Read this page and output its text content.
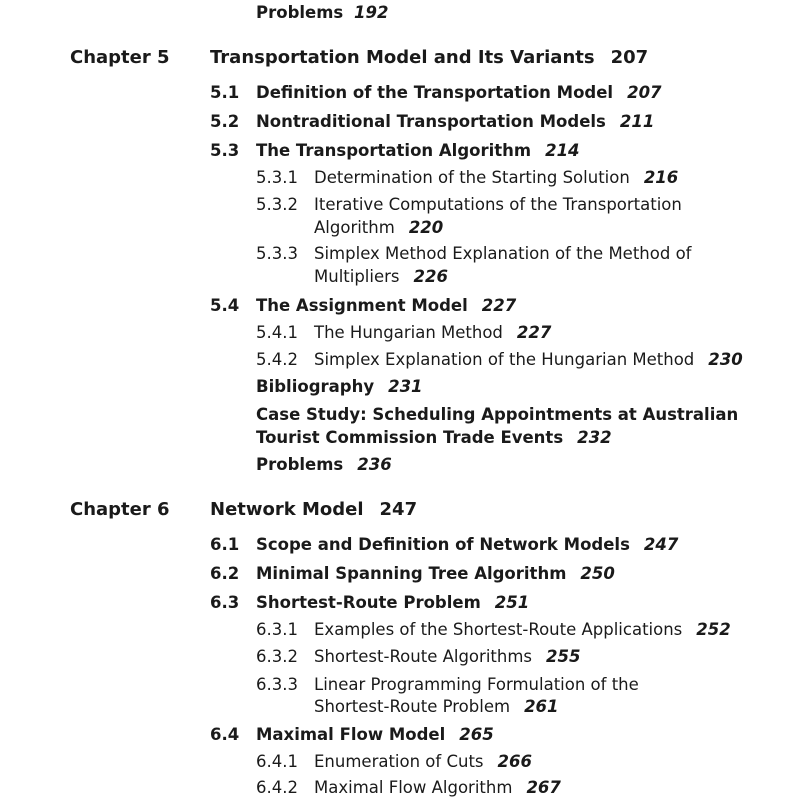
Problems 192
Chapter 5 Transportation Model and Its Variants 207
5.1 Definition of the Transportation Model 207
5.2 Nontraditional Transportation Models 211
5.3 The Transportation Algorithm 214
5.3.1 Determination of the Starting Solution 216
5.3.2 Iterative Computations of the Transportation
Algorithm 220
5.3.3 Simplex Method Explanation of the Method of
Multipliers 226
5.4 The Assignment Model 227
5.4.1 The Hungarian Method 227
5.4.2 Simplex Explanation of the Hungarian Method 230
Bibliography 231
Case Study: Scheduling Appointments at Australian
Tourist Commission Trade Events 232
Problems 236
Chapter 6 Network Model 247
6.1 Scope and Definition of Network Models 247
6.2 Minimal Spanning Tree Algorithm 250
6.3 Shortest-Route Problem 251
6.3.1 Examples of the Shortest-Route Applications 252
6.3.2 Shortest-Route Algorithms 255
6.3.3 Linear Programming Formulation of the
Shortest-Route Problem 261
6.4 Maximal Flow Model 265
6.4.1 Enumeration of Cuts 266
6.4.2 Maximal Flow Algorithm 267
